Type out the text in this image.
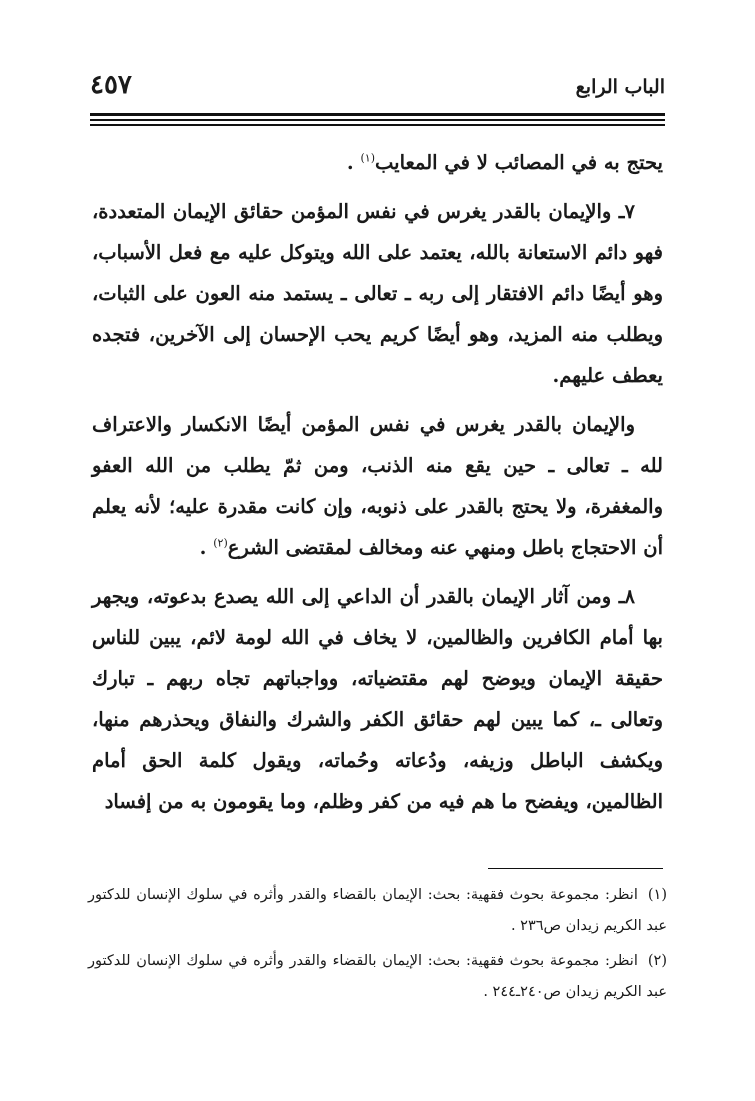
الباب الرابع
٤٥٧

يحتج به في المصائب لا في المعايب$^{(١)}$ .

٧ـ والإيمان بالقدر يغرس في نفس المؤمن حقائق الإيمان المتعددة، فهو دائم الاستعانة بالله، يعتمد على الله ويتوكل عليه مع فعل الأسباب، وهو أيضًا دائم الافتقار إلى ربه ـ تعالى ـ يستمد منه العون على الثبات، ويطلب منه المزيد، وهو أيضًا كريم يحب الإحسان إلى الآخرين، فتجده يعطف عليهم.

والإيمان بالقدر يغرس في نفس المؤمن أيضًا الانكسار والاعتراف لله ـ تعالى ـ حين يقع منه الذنب، ومن ثمّ يطلب من الله العفو والمغفرة، ولا يحتج بالقدر على ذنوبه، وإن كانت مقدرة عليه؛ لأنه يعلم أن الاحتجاج باطل ومنهي عنه ومخالف لمقتضى الشرع$^{(٢)}$ .

٨ـ ومن آثار الإيمان بالقدر أن الداعي إلى الله يصدع بدعوته، ويجهر بها أمام الكافرين والظالمين، لا يخاف في الله لومة لائم، يبين للناس حقيقة الإيمان ويوضح لهم مقتضياته، وواجباتهم تجاه ربهم ـ تبارك وتعالى ـ، كما يبين لهم حقائق الكفر والشرك والنفاق ويحذرهم منها، ويكشف الباطل وزيفه، ودُعاته وحُماته، ويقول كلمة الحق أمام الظالمين، ويفضح ما هم فيه من كفر وظلم، وما يقومون به من إفساد

(١)انظر: مجموعة بحوث فقهية: بحث: الإيمان بالقضاء والقدر وأثره في سلوك الإنسان للدكتور عبد الكريم زيدان ص٢٣٦ .

(٢)انظر: مجموعة بحوث فقهية: بحث: الإيمان بالقضاء والقدر وأثره في سلوك الإنسان للدكتور عبد الكريم زيدان ص٢٤٠ـ٢٤٤ .
